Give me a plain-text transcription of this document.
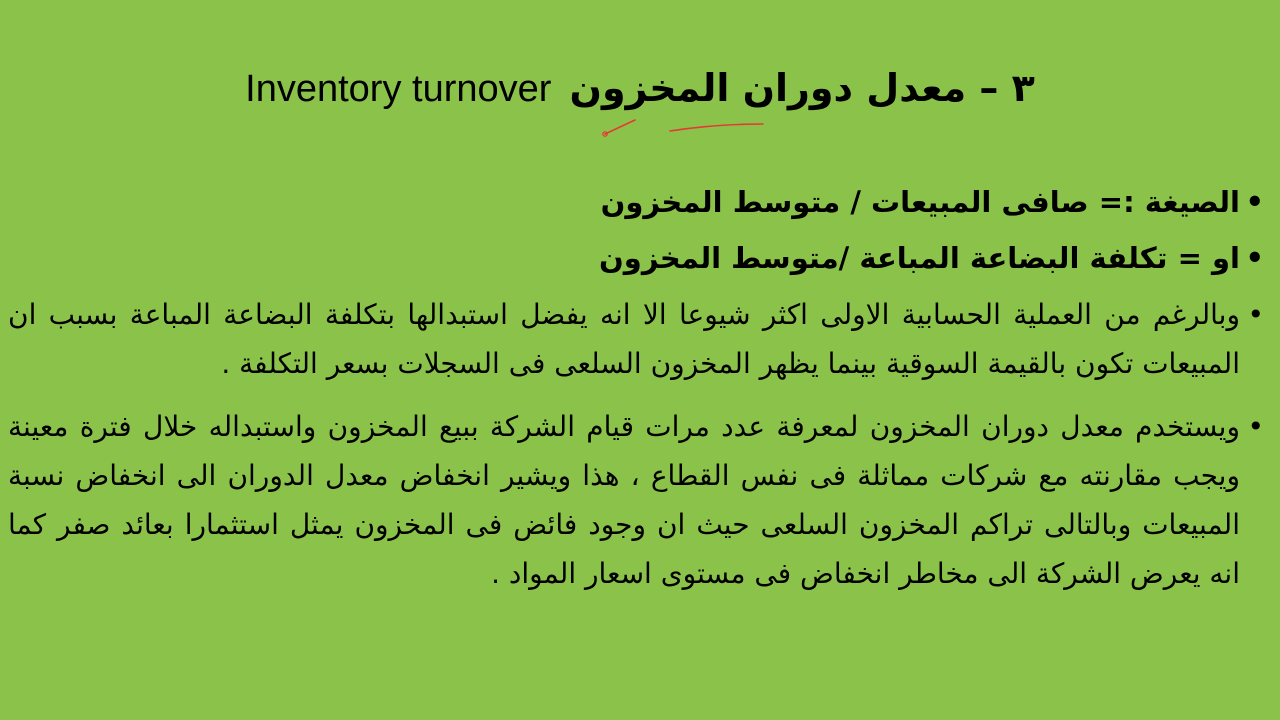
Inventory turnover ٣ – معدل دوران المخزون
• الصيغة := صافى المبيعات / متوسط المخزون
• او = تكلفة البضاعة المباعة /متوسط المخزون
• وبالرغم من العملية الحسابية الاولى اكثر شيوعا الا انه يفضل استبدالها بتكلفة البضاعة المباعة بسبب ان المبيعات تكون بالقيمة السوقية بينما يظهر المخزون السلعى فى السجلات بسعر التكلفة .
• ويستخدم معدل دوران المخزون لمعرفة عدد مرات قيام الشركة ببيع المخزون واستبداله خلال فترة معينة ويجب مقارنته مع شركات مماثلة فى نفس القطاع ، هذا ويشير انخفاض معدل الدوران الى انخفاض نسبة المبيعات وبالتالى تراكم المخزون السلعى حيث ان وجود فائض فى المخزون يمثل استثمارا بعائد صفر كما انه يعرض الشركة الى مخاطر انخفاض فى مستوى اسعار المواد .
